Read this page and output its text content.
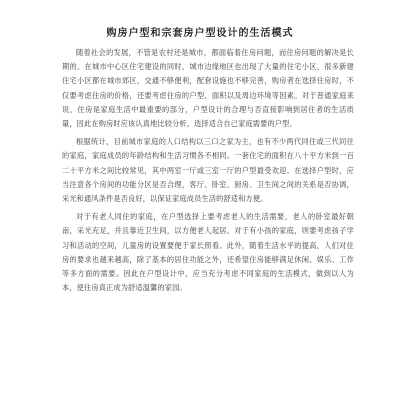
购房户型和宗套房户型设计的生活模式

随着社会的发展，不管是农村还是城市，都面临着住房问题，而住房问题的解决是长期的。在城市中心区住宅建设的同时，城市边缘地区也出现了大量的住宅小区，很多新建住宅小区都在城市郊区，交通不够便利，配套设施也不够完善，购房者在选择住房时，不仅要考虑住房的价格，还要考虑住房的户型、面积以及周边环境等因素。对于普通家庭来说，住房是家庭生活中最重要的部分，户型设计的合理与否直接影响到居住者的生活质量，因此在购房时应该认真地比较分析，选择适合自己家庭需要的户型。

根据统计，目前城市家庭的人口结构以三口之家为主，也有不少两代同住或三代同住的家庭，家庭成员的年龄结构和生活习惯各不相同。一套住宅的面积在八十平方米到一百二十平方米之间比较常见，其中两室一厅或三室一厅的户型最受欢迎。在选择户型时，应当注意各个房间的功能分区是否合理，客厅、卧室、厨房、卫生间之间的关系是否协调，采光和通风条件是否良好，以保证家庭成员生活的舒适和方便。

对于有老人同住的家庭，在户型选择上要考虑老人的生活需要，老人的卧室最好朝南，采光充足，并且靠近卫生间，以方便老人起居。对于有小孩的家庭，则要考虑孩子学习和活动的空间，儿童房的设置要便于家长照看。此外，随着生活水平的提高，人们对住房的要求也越来越高，除了基本的居住功能之外，还希望住房能够满足休闲、娱乐、工作等多方面的需要。因此在户型设计中，应当充分考虑不同家庭的生活模式，做到以人为本，使住房真正成为舒适温馨的家园。
